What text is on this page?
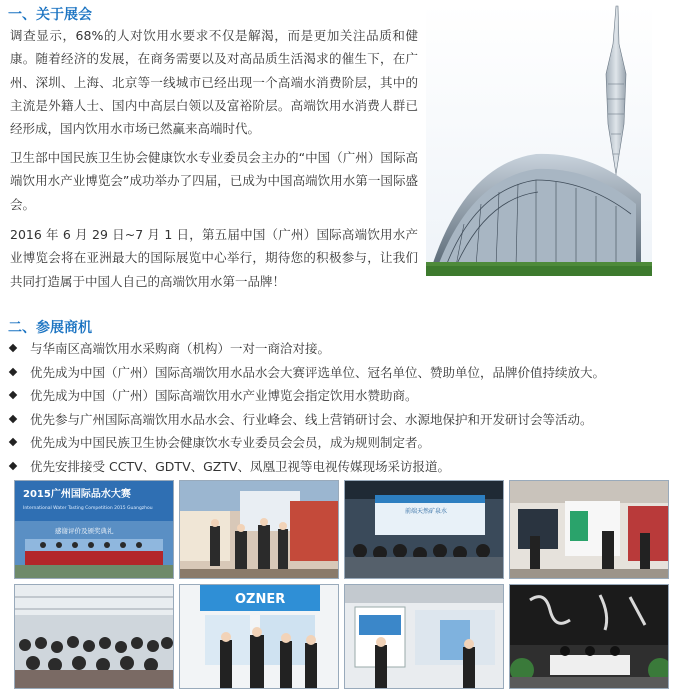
一、关于展会
调查显示，68%的人对饮用水要求不仅是解渴，而是更加关注品质和健康。随着经济的发展，在商务需要以及对高品质生活渴求的催生下，在广州、深圳、上海、北京等一线城市已经出现一个高端水消费阶层，其中的主流是外籍人士、国内中高层白领以及富裕阶层。高端饮用水消费人群已经形成，国内饮用水市场已然赢来高端时代。
卫生部中国民族卫生协会健康饮水专业委员会主办的“中国（广州）国际高端饮用水产业博览会”成功举办了四届，已成为中国高端饮用水第一国际盛会。
2016 年 6 月 29 日~7 月 1 日，第五届中国（广州）国际高端饮用水产业博览会将在亚洲最大的国际展览中心举行，期待您的积极参与，让我们共同打造属于中国人自己的高端饮用水第一品牌！
二、参展商机
与华南区高端饮用水采购商（机构）一对一商洽对接。
优先成为中国（广州）国际高端饮用水品水会大赛评选单位、冠名单位、赞助单位，品牌价值持续放大。
优先成为中国（广州）国际高端饮用水产业博览会指定饮用水赞助商。
优先参与广州国际高端饮用水品水会、行业峰会、线上营销研讨会、水源地保护和开发研讨会等活动。
优先成为中国民族卫生协会健康饮水专业委员会会员，成为规则制定者。
优先安排接受 CCTV、GDTV、GZTV、凤凰卫视等电视传媒现场采访报道。
2015广州国际品水大赛
International Water Tasting Competition 2015 Guangzhou
感谢评价及颁奖典礼
前端天然矿泉水
OZNER
